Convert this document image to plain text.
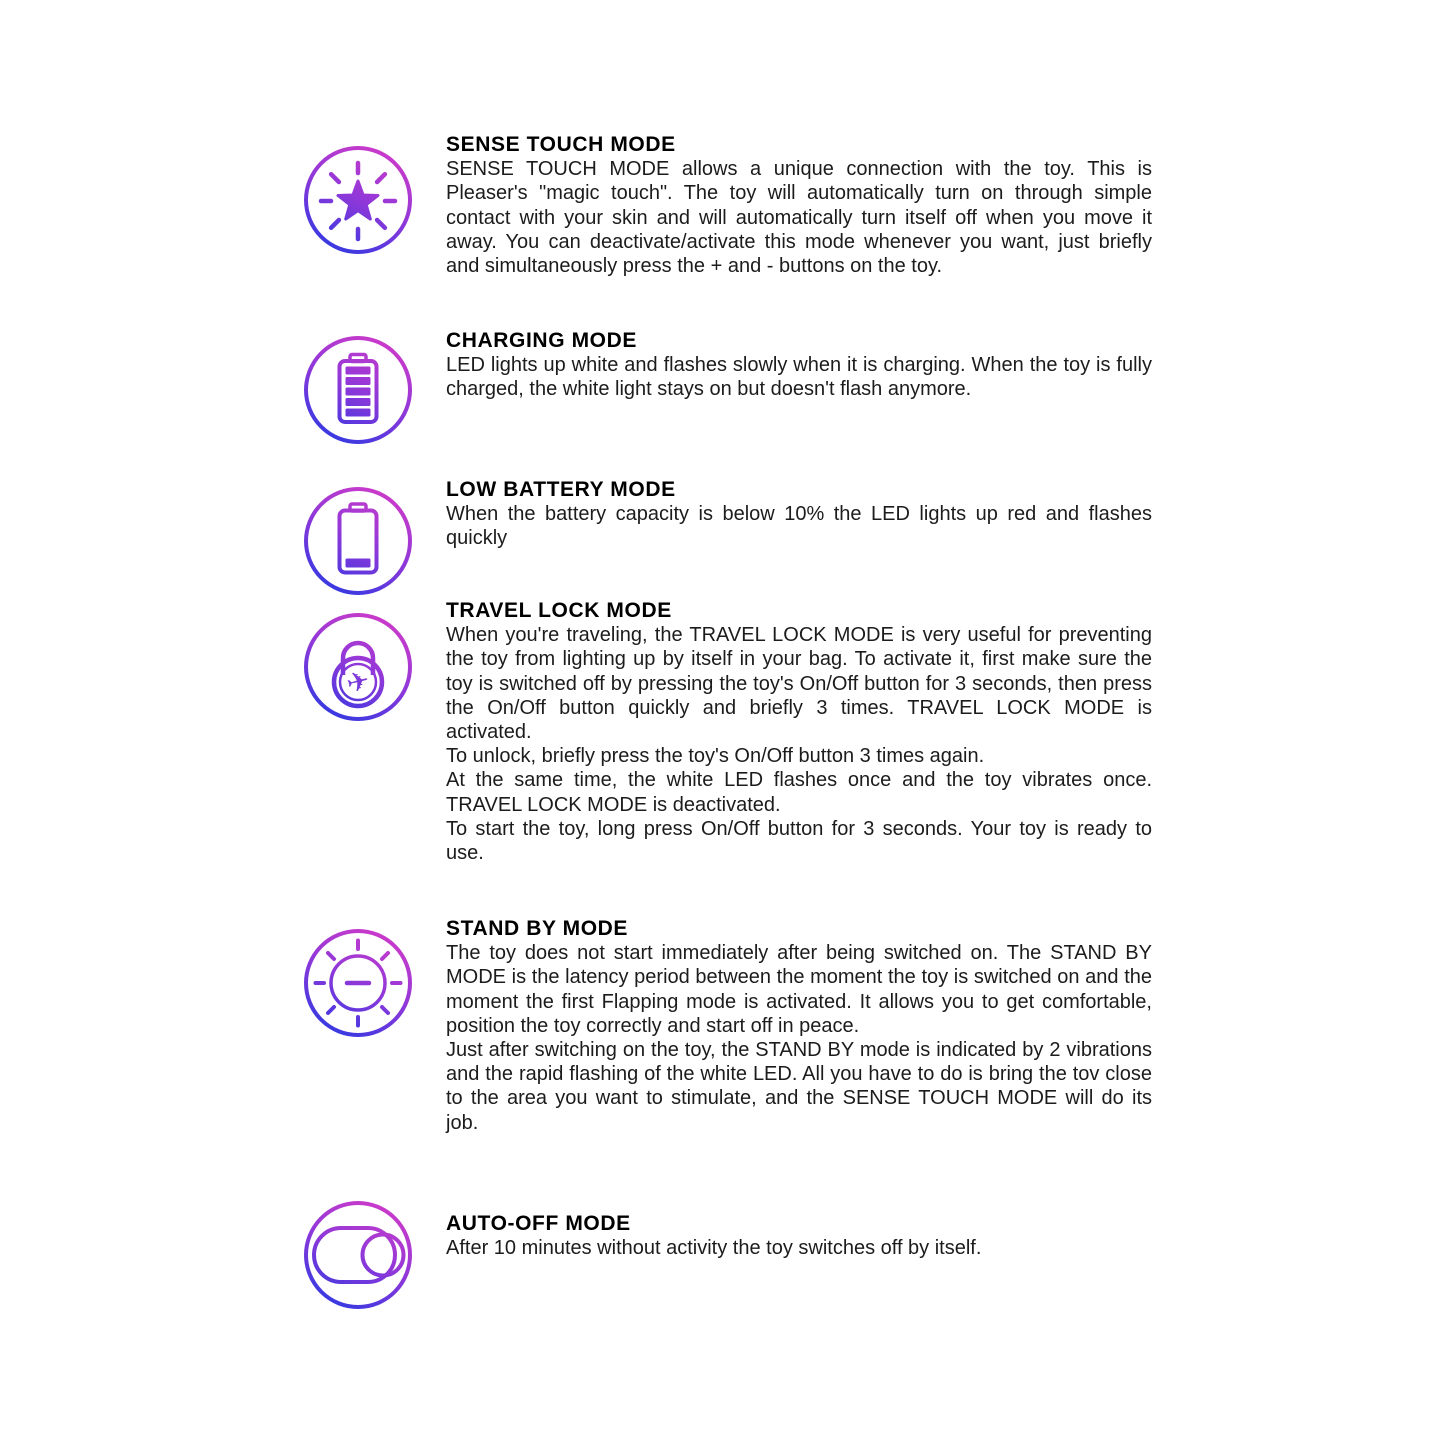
SENSE TOUCH MODE

SENSE TOUCH MODE allows a unique connection with the toy. This is Pleaser's "magic touch". The toy will automatically turn on through simple contact with your skin and will automatically turn itself off when you move it away. You can deactivate/activate this mode whenever you want, just briefly and simultaneously press the + and - buttons on the toy.

CHARGING MODE

LED lights up white and flashes slowly when it is charging. When the toy is fully charged, the white light stays on but doesn't flash anymore.

LOW BATTERY MODE

When the battery capacity is below 10% the LED lights up red and flashes quickly

✈
TRAVEL LOCK MODE

When you're traveling, the TRAVEL LOCK MODE is very useful for preventing the toy from lighting up by itself in your bag. To activate it, first make sure the toy is switched off by pressing the toy's On/Off button for 3 seconds, then press the On/Off button quickly and briefly 3 times. TRAVEL LOCK MODE is activated.

To unlock, briefly press the toy's On/Off button 3 times again.

At the same time, the white LED flashes once and the toy vibrates once. TRAVEL LOCK MODE is deactivated.

To start the toy, long press On/Off button for 3 seconds. Your toy is ready to use.

STAND BY MODE

The toy does not start immediately after being switched on. The STAND BY MODE is the latency period between the moment the toy is switched on and the moment the first Flapping mode is activated. It allows you to get comfortable, position the toy correctly and start off in peace.

Just after switching on the toy, the STAND BY mode is indicated by 2 vibrations and the rapid flashing of the white LED. All you have to do is bring the tov close to the area you want to stimulate, and the SENSE TOUCH MODE will do its job.

AUTO-OFF MODE

After 10 minutes without activity the toy switches off by itself.
